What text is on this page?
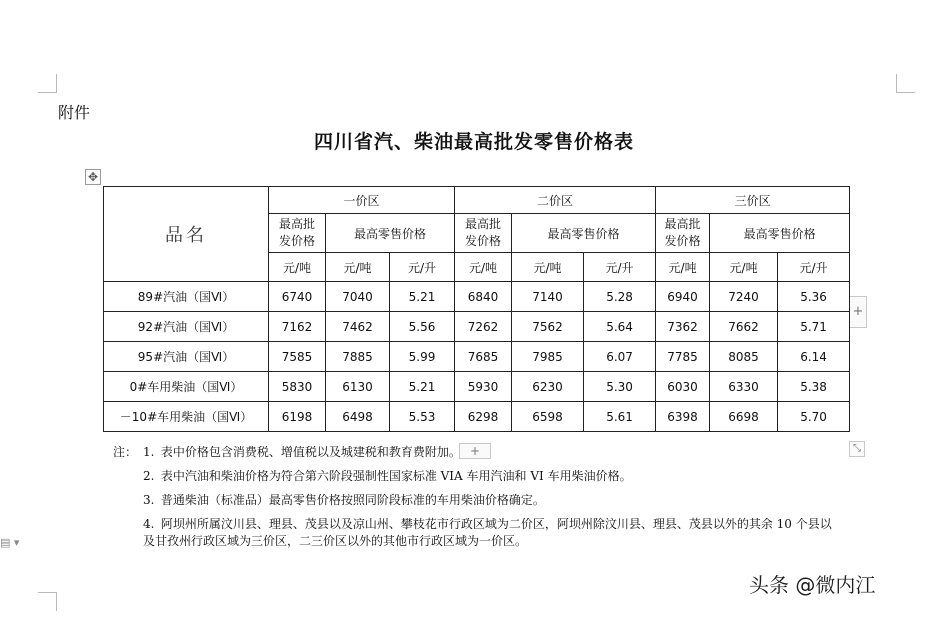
附件
四川省汽、柴油最高批发零售价格表
✥
+
+	⤡
▤ ▾
品名	一价区			二价区			三价区		
	最高批发价格	最高零售价格		最高批发价格	最高零售价格		最高批发价格	最高零售价格	
	元/吨	元/吨	元/升	元/吨	元/吨	元/升	元/吨	元/吨	元/升
89#汽油（国Ⅵ）	6740	7040	5.21	6840	7140	5.28	6940	7240	5.36
92#汽油（国Ⅵ）	7162	7462	5.56	7262	7562	5.64	7362	7662	5.71
95#汽油（国Ⅵ）	7585	7885	5.99	7685	7985	6.07	7785	8085	6.14
0#车用柴油（国Ⅵ）	5830	6130	5.21	5930	6230	5.30	6030	6330	5.38
－10#车用柴油（国Ⅵ）	6198	6498	5.53	6298	6598	5.61	6398	6698	5.70
注： 1. 表中价格包含消费税、增值税以及城建税和教育费附加。
2. 表中汽油和柴油价格为符合第六阶段强制性国家标准 VIA 车用汽油和 VI 车用柴油价格。
3. 普通柴油（标准品）最高零售价格按照同阶段标准的车用柴油价格确定。
4. 阿坝州所属汶川县、理县、茂县以及凉山州、攀枝花市行政区域为二价区，阿坝州除汶川县、理县、茂县以外的其余 10 个县以及甘孜州行政区域为三价区，二三价区以外的其他市行政区域为一价区。
头条 @微内江
